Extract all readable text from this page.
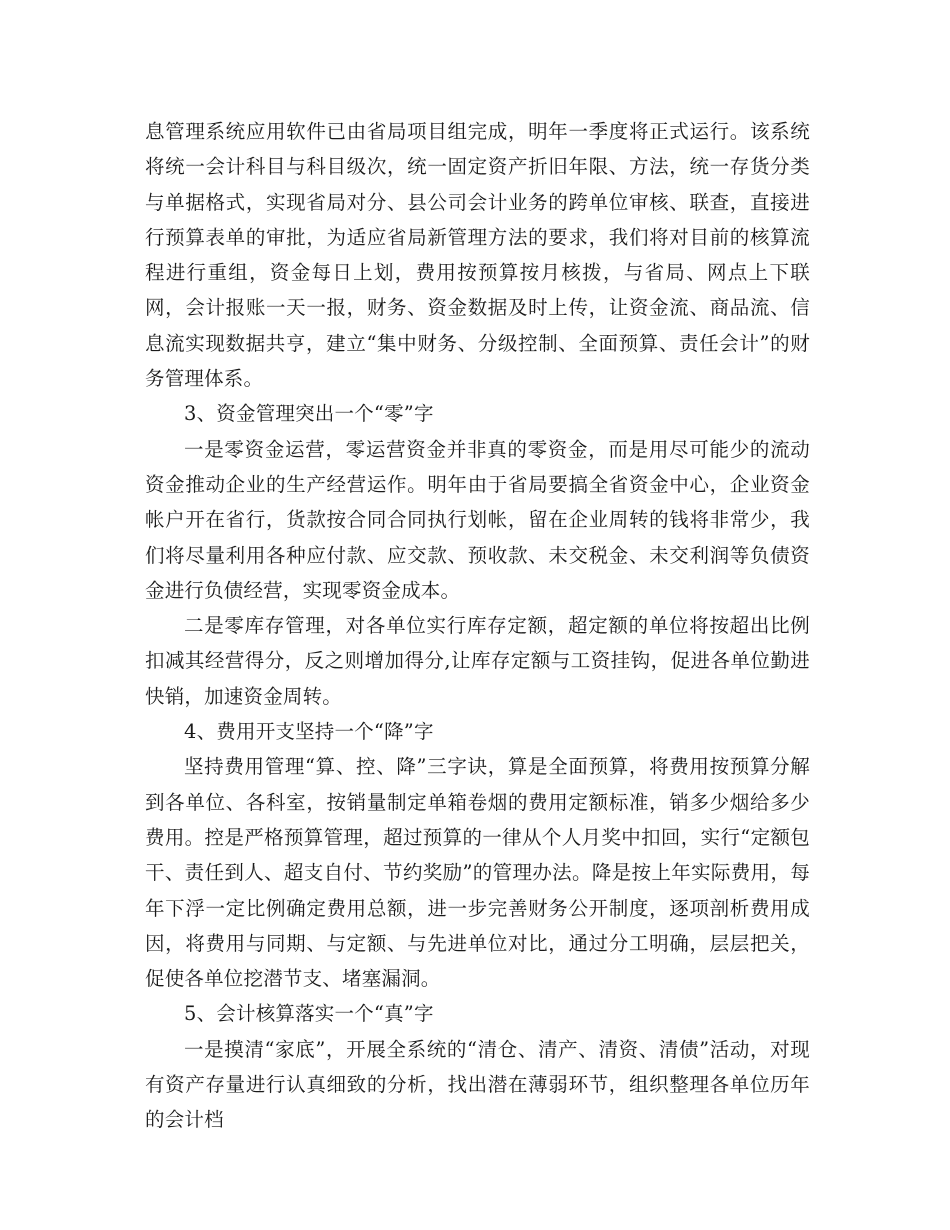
息管理系统应用软件已由省局项目组完成，明年一季度将正式运行。该系统将统一会计科目与科目级次，统一固定资产折旧年限、方法，统一存货分类与单据格式，实现省局对分、县公司会计业务的跨单位审核、联查，直接进行预算表单的审批，为适应省局新管理方法的要求，我们将对目前的核算流程进行重组，资金每日上划，费用按预算按月核拨，与省局、网点上下联网，会计报账一天一报，财务、资金数据及时上传，让资金流、商品流、信息流实现数据共亨，建立“集中财务、分级控制、全面预算、责任会计”的财务管理体系。

3、资金管理突出一个“零”字

一是零资金运营，零运营资金并非真的零资金，而是用尽可能少的流动资金推动企业的生产经营运作。明年由于省局要搞全省资金中心，企业资金帐户开在省行，货款按合同合同执行划帐，留在企业周转的钱将非常少，我们将尽量利用各种应付款、应交款、预收款、未交税金、未交利润等负债资金进行负债经营，实现零资金成本。

二是零库存管理，对各单位实行库存定额，超定额的单位将按超出比例扣减其经营得分，反之则增加得分,让库存定额与工资挂钩，促进各单位勤进快销，加速资金周转。

4、费用开支坚持一个“降”字

坚持费用管理“算、控、降”三字诀，算是全面预算，将费用按预算分解到各单位、各科室，按销量制定单箱卷烟的费用定额标准，销多少烟给多少费用。控是严格预算管理，超过预算的一律从个人月奖中扣回，实行“定额包干、责任到人、超支自付、节约奖励”的管理办法。降是按上年实际费用，每年下浮一定比例确定费用总额，进一步完善财务公开制度，逐项剖析费用成因，将费用与同期、与定额、与先进单位对比，通过分工明确，层层把关，促使各单位挖潜节支、堵塞漏洞。

5、会计核算落实一个“真”字

一是摸清“家底”，开展全系统的“清仓、清产、清资、清债”活动，对现有资产存量进行认真细致的分析，找出潜在薄弱环节，组织整理各单位历年的会计档
